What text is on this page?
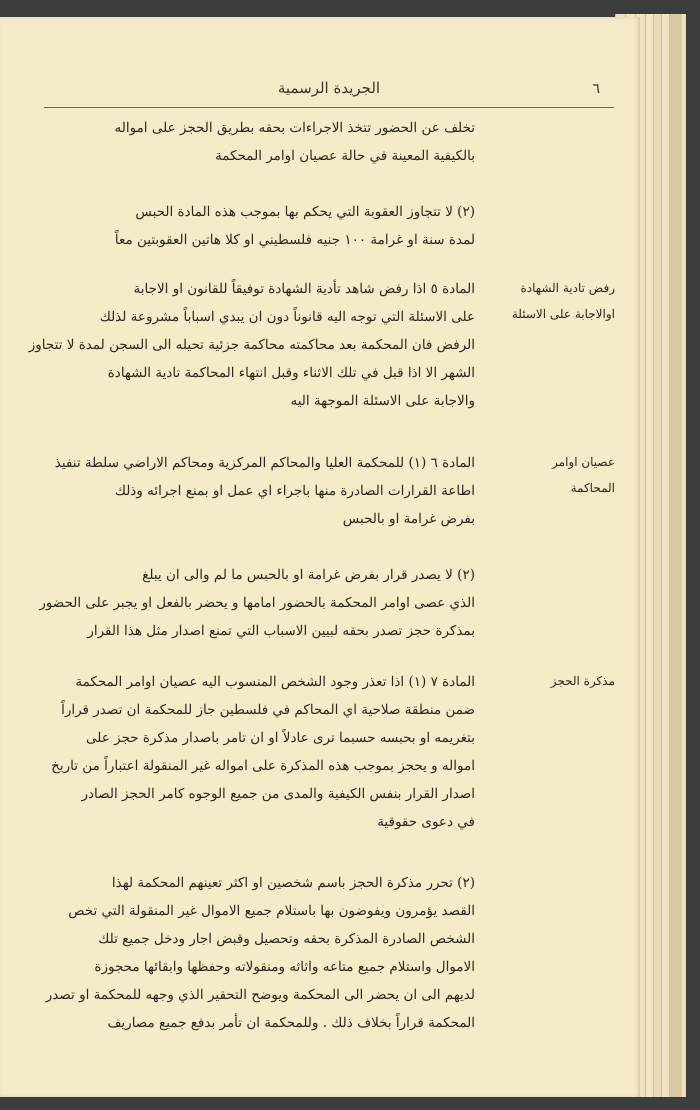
الجريدة الرسمية	٦
تخلف عن الحضور تتخذ الاجراءات بحقه بطريق الحجز على امواله
بالكيفية المعينة في حالة عصيان اوامر المحكمة
(٢) لا تتجاوز العقوبة التي يحكم بها بموجب هذه المادة الحبس
لمدة سنة او غرامة ١٠٠ جنيه فلسطيني او كلا هاتين العقوبتين معاً
رفض تادية الشهادة
اوالاجابة على الاسئلة
المادة ٥ اذا رفض شاهد تأدية الشهادة توفيقاً للقانون او الاجابة
على الاسئلة التي توجه اليه قانوناً دون ان يبدي اسباباً مشروعة لذلك
الرفض فان المحكمة بعد محاكمته محاكمة جزئية تحيله الى السجن لمدة لا تتجاوز
الشهر الا اذا قبل في تلك الاثناء وقبل انتهاء المحاكمة تادية الشهادة
والاجابة على الاسئلة الموجهة اليه
عصيان اوامر
المحاكمة
المادة ٦ (١) للمحكمة العليا والمحاكم المركزية ومحاكم الاراضي سلطة تنفيذ
اطاعة القرارات الصادرة منها باجراء اي عمل او بمنع اجرائه وذلك
بفرض غرامة او بالحبس
(٢) لا يصدر قرار بفرض غرامة او بالحبس ما لم والى ان يبلغ
الذي عصى اوامر المحكمة بالحضور امامها و يحضر بالفعل او يجبر على الحضور
بمذكرة حجز تصدر بحقه لبيين الاسباب التي تمنع اصدار مثل هذا القرار
مذكرة الحجز
المادة ٧ (١) اذا تعذر وجود الشخص المنسوب اليه عصيان اوامر المحكمة
ضمن منطقة صلاحية اي المحاكم في فلسطين جاز للمحكمة ان تصدر قراراً
بتغريمه او بحبسه حسبما ترى عادلاً او ان تامر باصدار مذكرة حجز على
امواله و يحجز بموجب هذه المذكرة على امواله غير المنقولة اعتباراً من تاريخ
اصدار القرار بنفس الكيفية والمدى من جميع الوجوه كامر الحجز الصادر
في دعوى حقوقية
(٢) تحرر مذكرة الحجز باسم شخصين او اكثر تعينهم المحكمة لهذا
القصد يؤمرون ويفوضون بها باستلام جميع الاموال غير المنقولة التي تخص
الشخص الصادرة المذكرة بحقه وتحصيل وقبض اجار ودخل جميع تلك
الاموال واستلام جميع متاعه واثاثه ومنقولاته وحفظها وابقائها محجوزة
لديهم الى ان يحضر الى المحكمة ويوضح التحقير الذي وجهه للمحكمة او تصدر
المحكمة قراراً بخلاف ذلك . وللمحكمة ان تأمر بدفع جميع مصاريف
